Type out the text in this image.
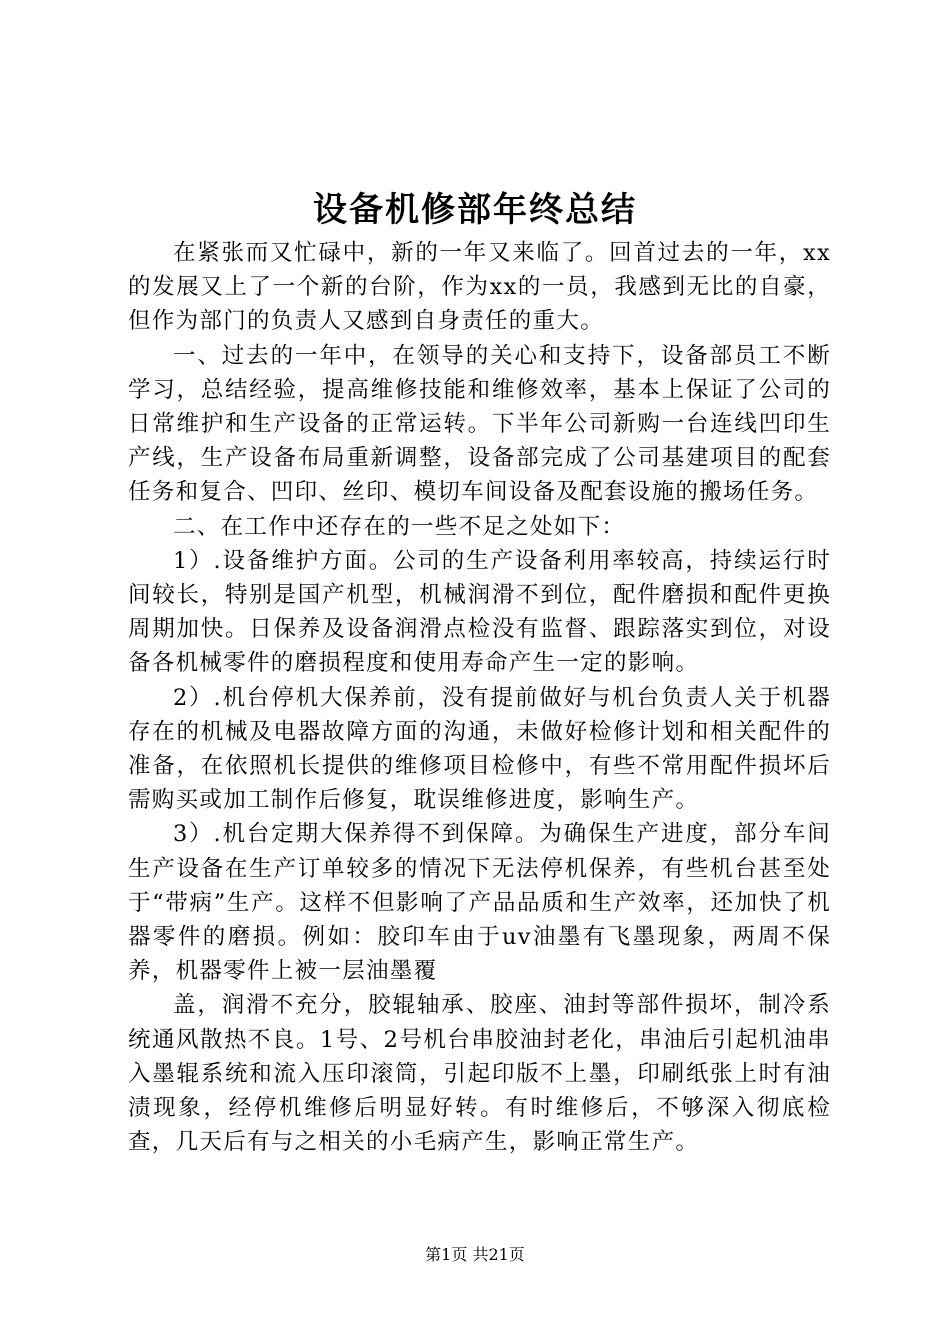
设备机修部年终总结

在紧张而又忙碌中，新的一年又来临了。回首过去的一年，xx的发展又上了一个新的台阶，作为xx的一员，我感到无比的自豪，但作为部门的负责人又感到自身责任的重大。

一、过去的一年中，在领导的关心和支持下，设备部员工不断学习，总结经验，提高维修技能和维修效率，基本上保证了公司的日常维护和生产设备的正常运转。下半年公司新购一台连线凹印生产线，生产设备布局重新调整，设备部完成了公司基建项目的配套任务和复合、凹印、丝印、模切车间设备及配套设施的搬场任务。

二、在工作中还存在的一些不足之处如下：

1）.设备维护方面。公司的生产设备利用率较高，持续运行时间较长，特别是国产机型，机械润滑不到位，配件磨损和配件更换周期加快。日保养及设备润滑点检没有监督、跟踪落实到位，对设备各机械零件的磨损程度和使用寿命产生一定的影响。

2）.机台停机大保养前，没有提前做好与机台负责人关于机器存在的机械及电器故障方面的沟通，未做好检修计划和相关配件的准备，在依照机长提供的维修项目检修中，有些不常用配件损坏后需购买或加工制作后修复，耽误维修进度，影响生产。

3）.机台定期大保养得不到保障。为确保生产进度，部分车间生产设备在生产订单较多的情况下无法停机保养，有些机台甚至处于“带病”生产。这样不但影响了产品品质和生产效率，还加快了机器零件的磨损。例如：胶印车由于uv油墨有飞墨现象，两周不保养，机器零件上被一层油墨覆

盖，润滑不充分，胶辊轴承、胶座、油封等部件损坏，制冷系统通风散热不良。1号、2号机台串胶油封老化，串油后引起机油串入墨辊系统和流入压印滚筒，引起印版不上墨，印刷纸张上时有油渍现象，经停机维修后明显好转。有时维修后，不够深入彻底检查，几天后有与之相关的小毛病产生，影响正常生产。

第1页 共21页
